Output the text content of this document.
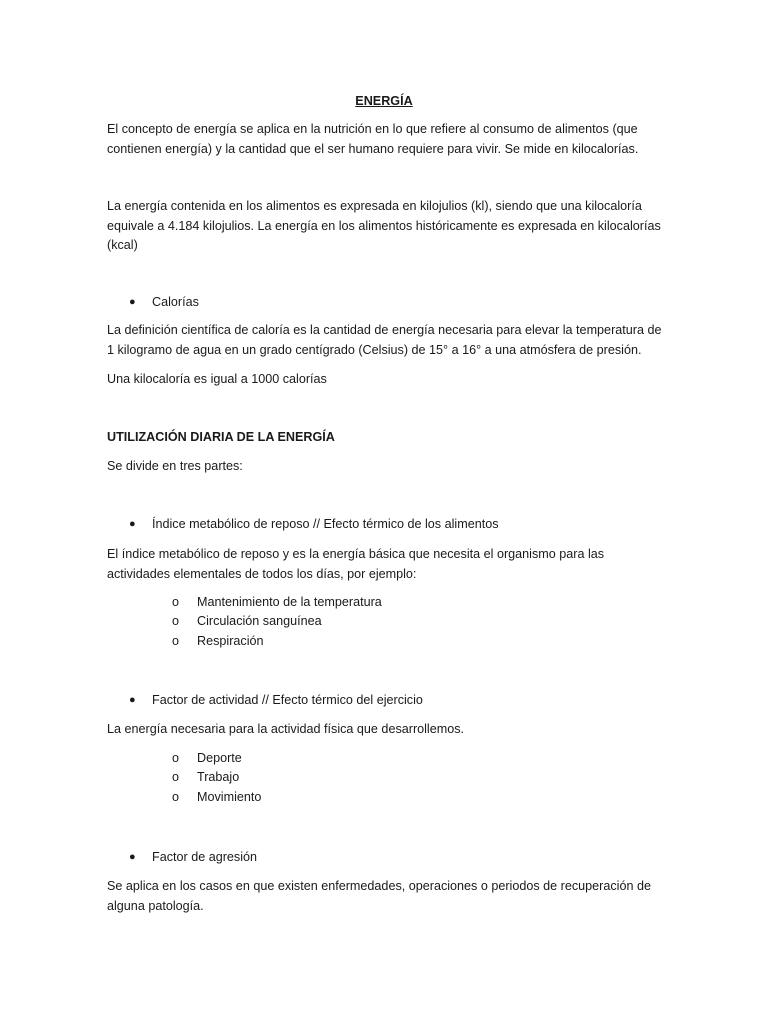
ENERGÍA

El concepto de energía se aplica en la nutrición en lo que refiere al consumo de alimentos (que contienen energía) y la cantidad que el ser humano requiere para vivir. Se mide en kilocalorías.

La energía contenida en los alimentos es expresada en kilojulios (kl), siendo que una kilocaloría equivale a 4.184 kilojulios. La energía en los alimentos históricamente es expresada en kilocalorías (kcal)

● Calorías

La definición científica de caloría es la cantidad de energía necesaria para elevar la temperatura de 1 kilogramo de agua en un grado centígrado (Celsius) de 15° a 16° a una atmósfera de presión.

Una kilocaloría es igual a 1000 calorías

UTILIZACIÓN DIARIA DE LA ENERGÍA

Se divide en tres partes:

● Índice metabólico de reposo // Efecto térmico de los alimentos

El índice metabólico de reposo y es la energía básica que necesita el organismo para las actividades elementales de todos los días, por ejemplo:

o Mantenimiento de la temperatura
o Circulación sanguínea
o Respiración
● Factor de actividad // Efecto térmico del ejercicio

La energía necesaria para la actividad física que desarrollemos.

o Deporte
o Trabajo
o Movimiento
● Factor de agresión

Se aplica en los casos en que existen enfermedades, operaciones o periodos de recuperación de alguna patología.
